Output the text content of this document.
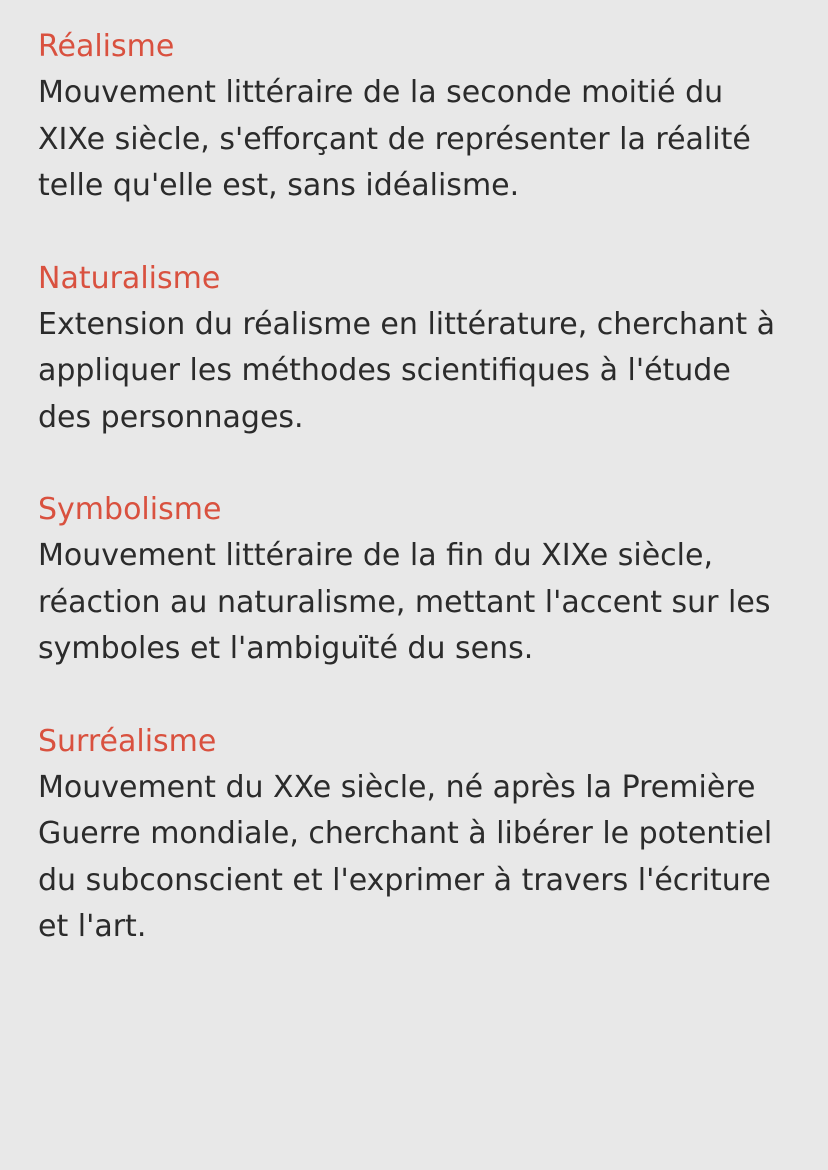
Réalisme
Mouvement littéraire de la seconde moitié du
XIXe siècle, s'efforçant de représenter la réalité
telle qu'elle est, sans idéalisme.
Naturalisme
Extension du réalisme en littérature, cherchant à
appliquer les méthodes scientifiques à l'étude
des personnages.
Symbolisme
Mouvement littéraire de la fin du XIXe siècle,
réaction au naturalisme, mettant l'accent sur les
symboles et l'ambiguïté du sens.
Surréalisme
Mouvement du XXe siècle, né après la Première
Guerre mondiale, cherchant à libérer le potentiel
du subconscient et l'exprimer à travers l'écriture
et l'art.
